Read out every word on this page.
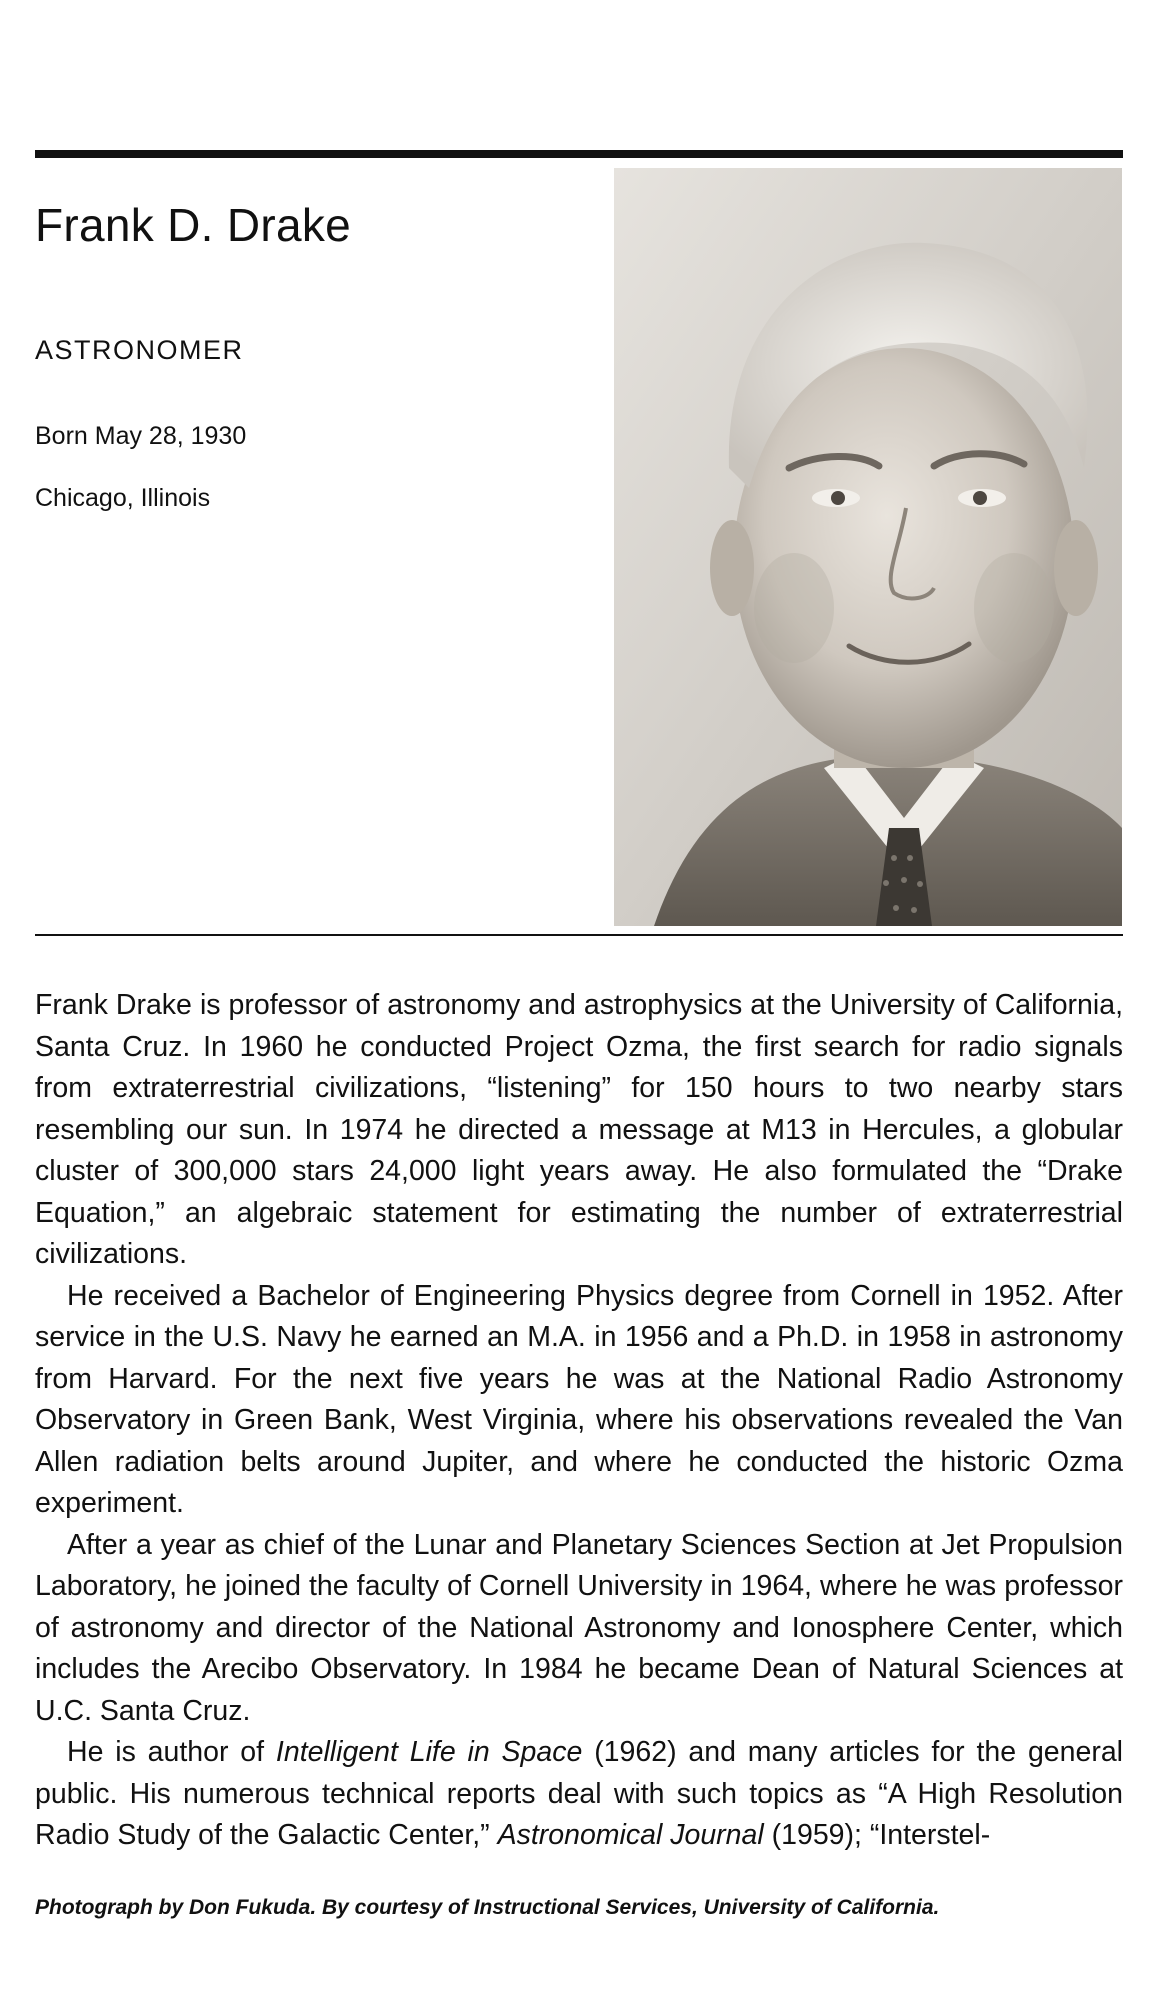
Frank D. Drake
ASTRONOMER
Born May 28, 1930
Chicago, Illinois

Frank Drake is professor of astronomy and astrophysics at the University of California, Santa Cruz. In 1960 he conducted Project Ozma, the first search for radio signals from extraterrestrial civilizations, “listening” for 150 hours to two nearby stars resembling our sun. In 1974 he directed a message at M13 in Hercules, a globular cluster of 300,000 stars 24,000 light years away. He also formulated the “Drake Equation,” an algebraic statement for estimating the number of extraterrestrial civilizations.

He received a Bachelor of Engineering Physics degree from Cornell in 1952. After service in the U.S. Navy he earned an M.A. in 1956 and a Ph.D. in 1958 in astronomy from Harvard. For the next five years he was at the National Radio Astronomy Observatory in Green Bank, West Virginia, where his observations revealed the Van Allen radiation belts around Jupiter, and where he conducted the historic Ozma experiment.

After a year as chief of the Lunar and Planetary Sciences Section at Jet Propulsion Laboratory, he joined the faculty of Cornell University in 1964, where he was professor of astronomy and director of the National Astronomy and Ionosphere Center, which includes the Arecibo Observatory. In 1984 he became Dean of Natural Sciences at U.C. Santa Cruz.

He is author of Intelligent Life in Space (1962) and many articles for the general public. His numerous technical reports deal with such topics as “A High Resolution Radio Study of the Galactic Center,” Astronomical Journal (1959); “Interstel-

Photograph by Don Fukuda. By courtesy of Instructional Services, University of California.
